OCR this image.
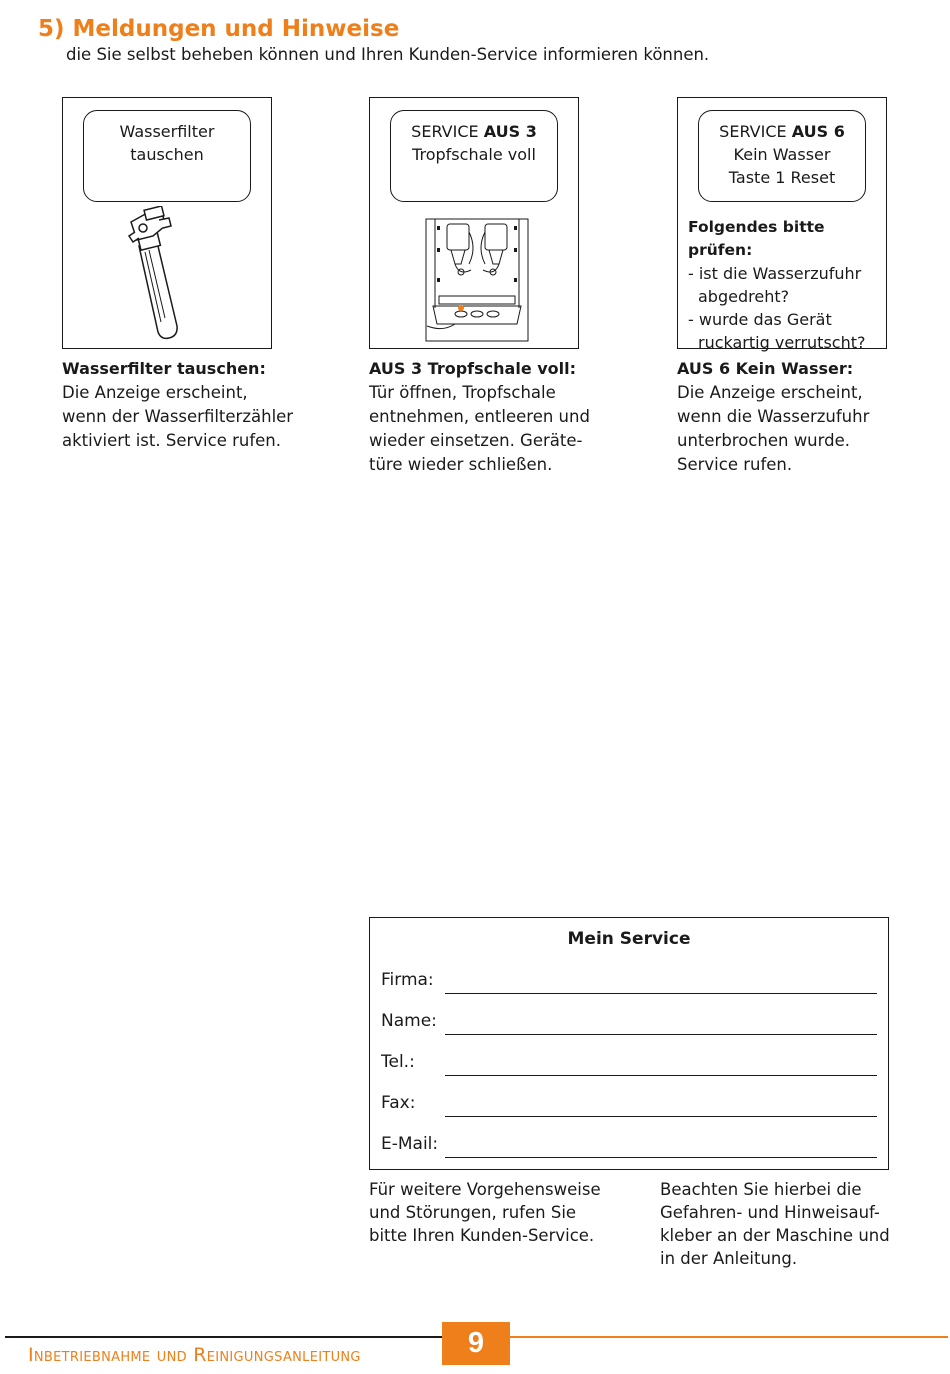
5) Meldungen und Hinweise
die Sie selbst beheben können und Ihren Kunden-Service informieren können.
Wasserfilter
tauschen
Wasserfilter tauschen:
Die Anzeige erscheint,
wenn der Wasserfilterzähler
aktiviert ist. Service rufen.
SERVICE AUS 3
Tropfschale voll
AUS 3 Tropfschale voll:
Tür öffnen, Tropfschale
entnehmen, entleeren und
wieder einsetzen. Geräte-
türe wieder schließen.
SERVICE AUS 6
Kein Wasser
Taste 1 Reset
Folgendes bitte prüfen:
- ist die Wasserzufuhr abgedreht?
- wurde das Gerät ruckartig verrutscht?
AUS 6 Kein Wasser:
Die Anzeige erscheint,
wenn die Wasserzufuhr
unterbrochen wurde.
Service rufen.
Mein Service
Firma:
Name:
Tel.:
Fax:
E-Mail:
Für weitere Vorgehensweise
und Störungen, rufen Sie
bitte Ihren Kunden-Service.
Beachten Sie hierbei die
Gefahren- und Hinweisauf-
kleber an der Maschine und
in der Anleitung.
Inbetriebnahme und Reinigungsanleitung	9
